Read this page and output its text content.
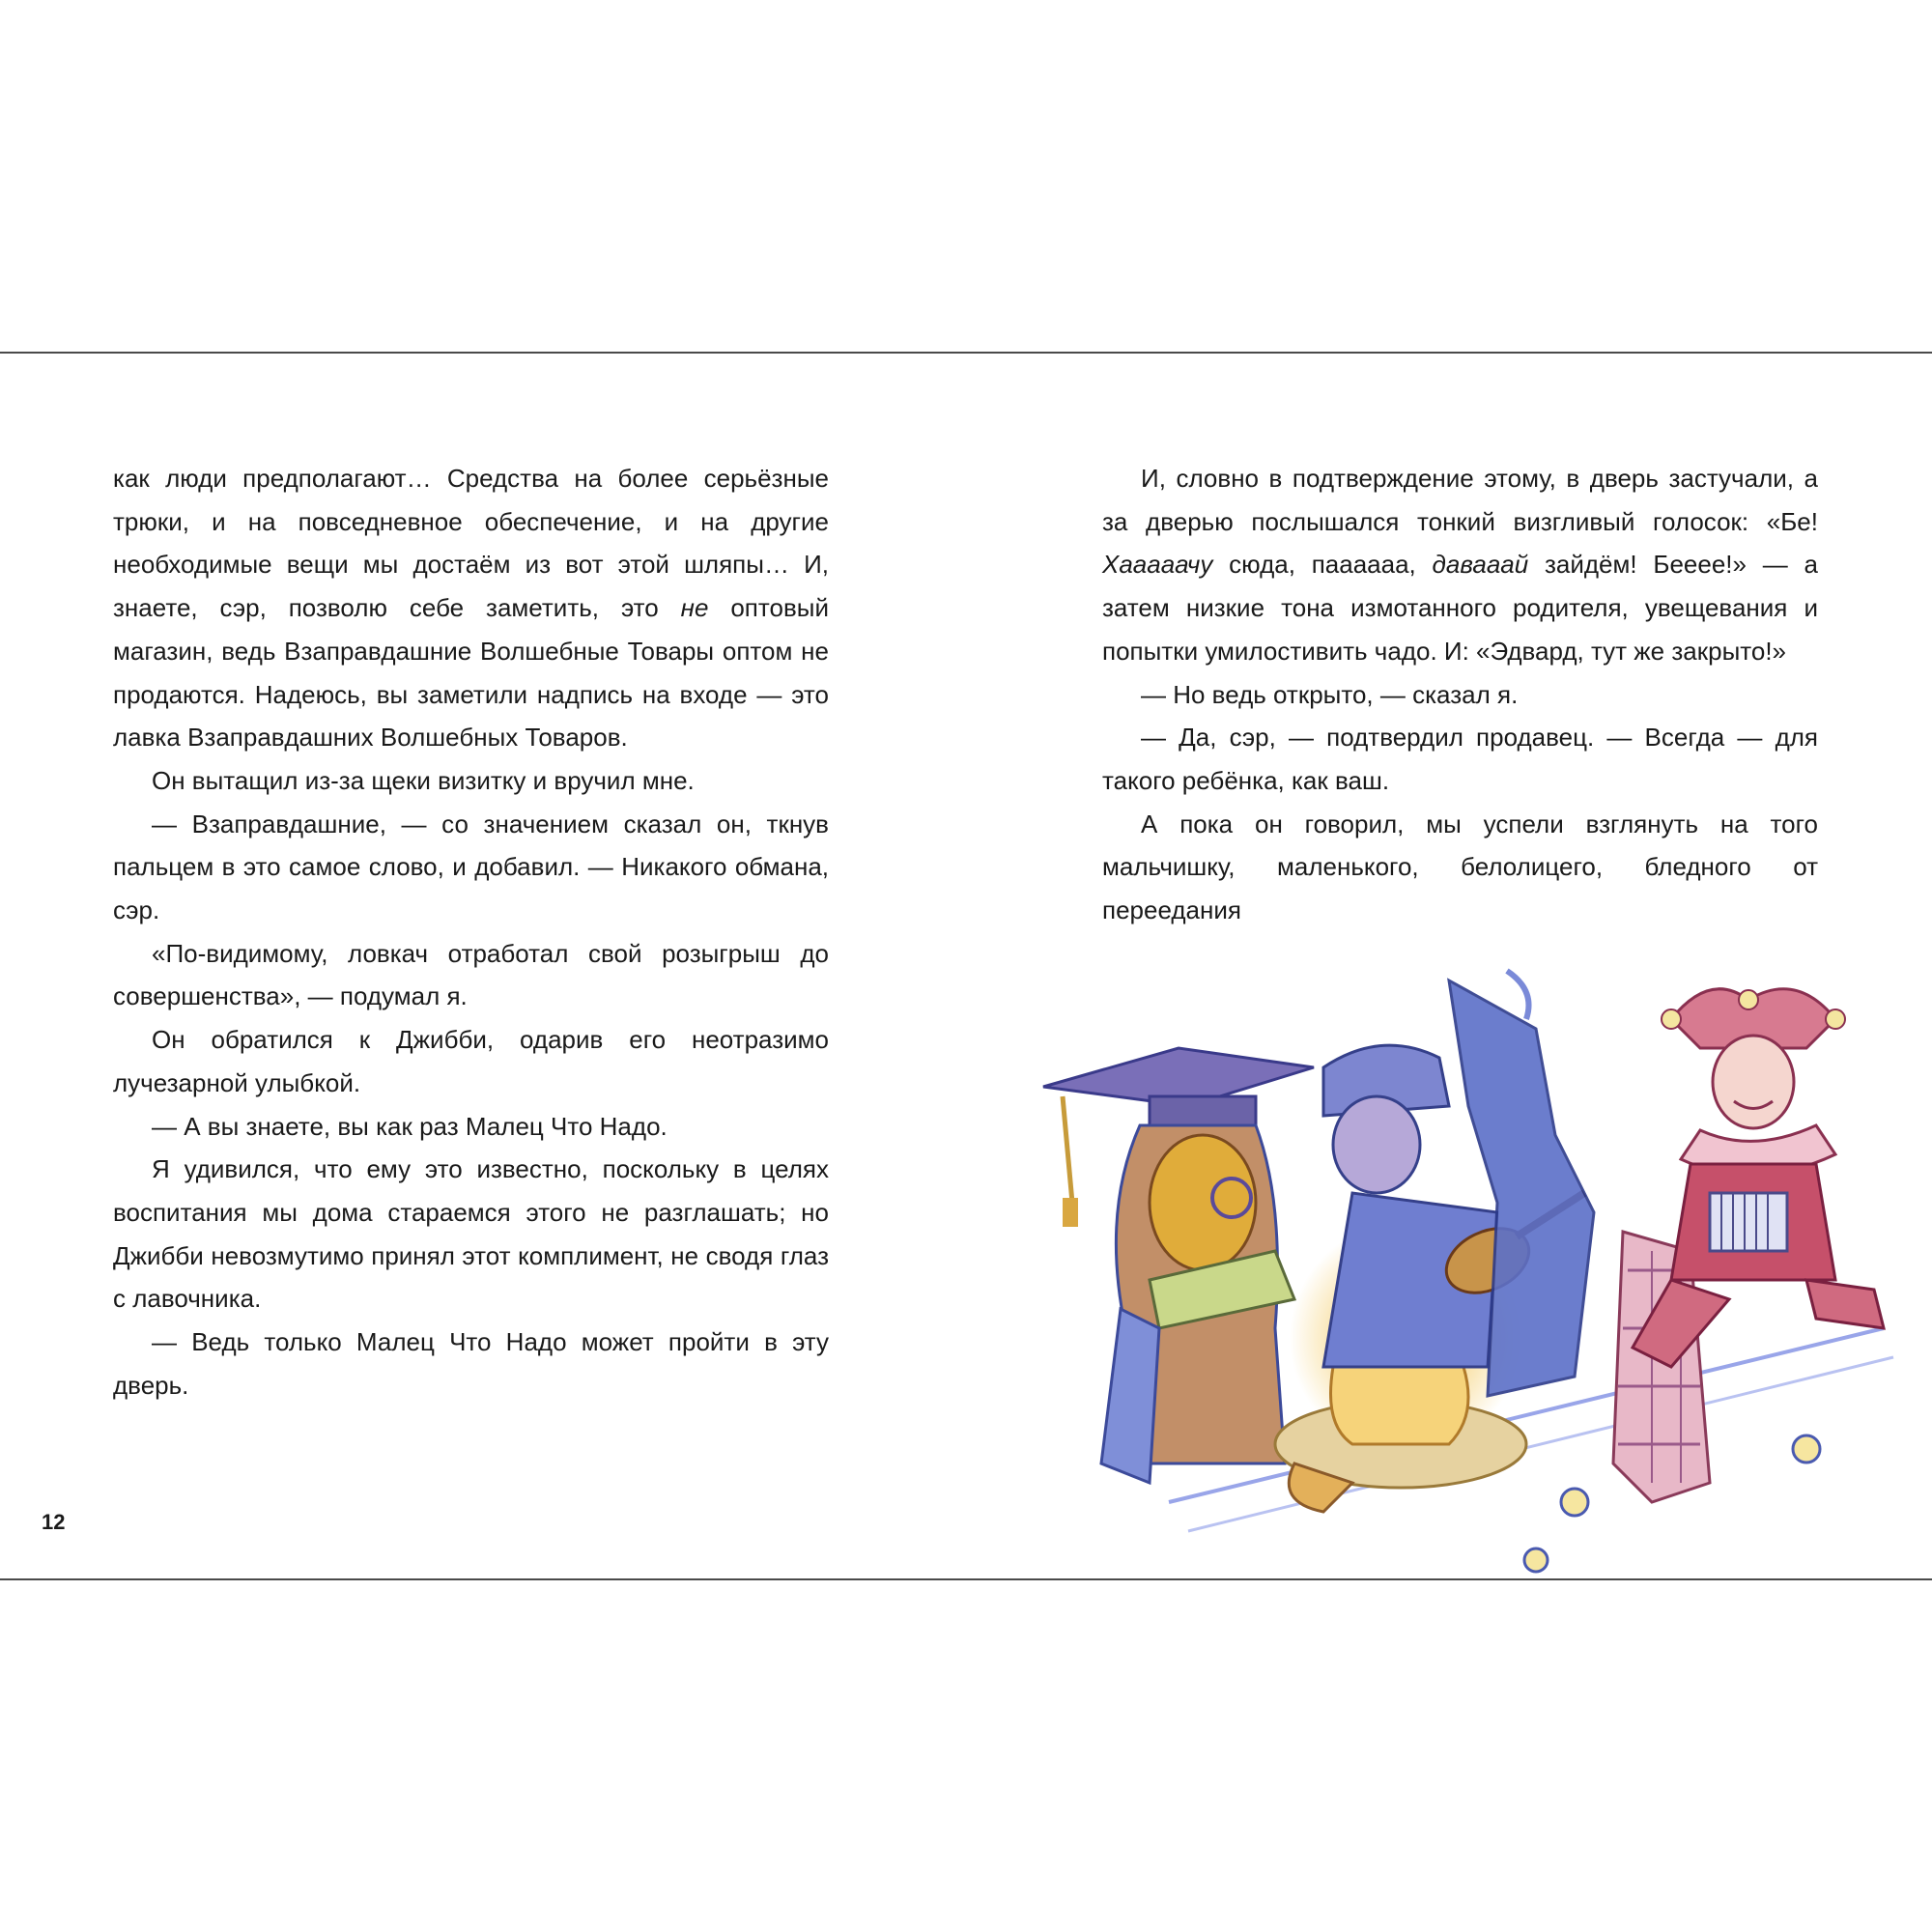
как люди предполагают… Средства на более серьёзные трюки, и на повседневное обеспечение, и на другие необходимые вещи мы достаём из вот этой шляпы… И, знаете, сэр, позволю себе заметить, это не оптовый магазин, ведь Взаправдашние Волшебные Товары оптом не продаются. Надеюсь, вы заметили надпись на входе — это лавка Взаправдашних Волшебных Товаров.

Он вытащил из-за щеки визитку и вручил мне.

— Взаправдашние, — со значением сказал он, ткнув пальцем в это самое слово, и добавил. — Никакого обмана, сэр.

«По-видимому, ловкач отработал свой розыгрыш до совершенства», — подумал я.

Он обратился к Джибби, одарив его неотразимо лучезарной улыбкой.

— А вы знаете, вы как раз Малец Что Надо.

Я удивился, что ему это известно, поскольку в целях воспитания мы дома стараемся этого не разглашать; но Джибби невозмутимо принял этот комплимент, не сводя глаз с лавочника.

— Ведь только Малец Что Надо может пройти в эту дверь.

12

И, словно в подтверждение этому, в дверь застучали, а за дверью послышался тонкий визгливый голосок: «Бе! Хааааачу сюда, паааааа, давааай зайдём! Бееее!» — а затем низкие тона измотанного родителя, увещевания и попытки умилостивить чадо. И: «Эдвард, тут же закрыто!»

— Но ведь открыто, — сказал я.

— Да, сэр, — подтвердил продавец. — Всегда — для такого ребёнка, как ваш.

А пока он говорил, мы успели взглянуть на того мальчишку, маленького, белолицего, бледного от переедания
